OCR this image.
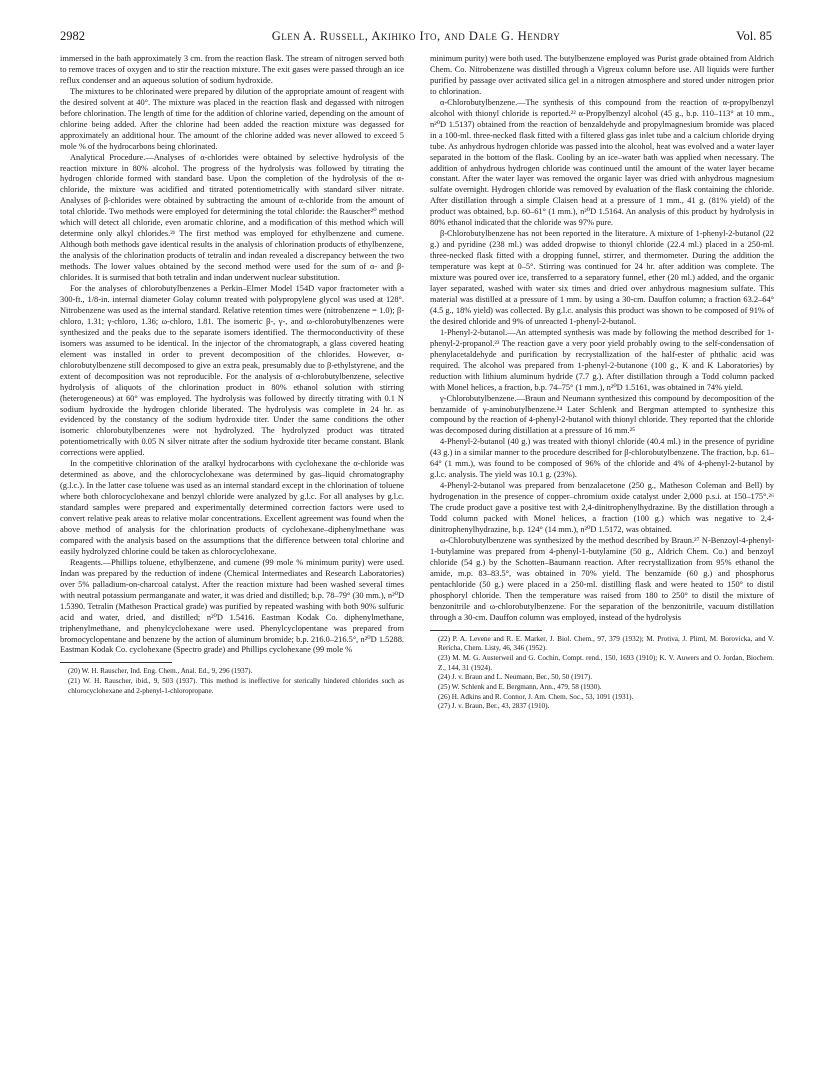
2982	Glen A. Russell, Akihiko Ito, and Dale G. Hendry	Vol. 85

immersed in the bath approximately 3 cm. from the reaction flask. The stream of nitrogen served both to remove traces of oxygen and to stir the reaction mixture. The exit gases were passed through an ice reflux condenser and an aqueous solution of sodium hydroxide.

The mixtures to be chlorinated were prepared by dilution of the appropriate amount of reagent with the desired solvent at 40°. The mixture was placed in the reaction flask and degassed with nitrogen before chlorination. The length of time for the addition of chlorine varied, depending on the amount of chlorine being added. After the chlorine had been added the reaction mixture was degassed for approximately an additional hour. The amount of the chlorine added was never allowed to exceed 5 mole % of the hydrocarbons being chlorinated.

Analytical Procedure.—Analyses of α-chlorides were obtained by selective hydrolysis of the reaction mixture in 80% alcohol. The progress of the hydrolysis was followed by titrating the hydrogen chloride formed with standard base. Upon the completion of the hydrolysis of the α-chloride, the mixture was acidified and titrated potentiometrically with standard silver nitrate. Analyses of β-chlorides were obtained by subtracting the amount of α-chloride from the amount of total chloride. Two methods were employed for determining the total chloride: the Rauscher²⁰ method which will detect all chloride, even aromatic chlorine, and a modification of this method which will determine only alkyl chlorides.²¹ The first method was employed for ethylbenzene and cumene. Although both methods gave identical results in the analysis of chlorination products of ethylbenzene, the analysis of the chlorination products of tetralin and indan revealed a discrepancy between the two methods. The lower values obtained by the second method were used for the sum of α- and β-chlorides. It is surmised that both tetralin and indan underwent nuclear substitution.

For the analyses of chlorobutylbenzenes a Perkin–Elmer Model 154D vapor fractometer with a 300-ft., 1/8-in. internal diameter Golay column treated with polypropylene glycol was used at 128°. Nitrobenzene was used as the internal standard. Relative retention times were (nitrobenzene = 1.0); β-chloro, 1.31; γ-chloro, 1.36; ω-chloro, 1.81. The isomeric β-, γ-, and ω-chlorobutylbenzenes were synthesized and the peaks due to the separate isomers identified. The thermoconductivity of these isomers was assumed to be identical. In the injector of the chromatograph, a glass covered heating element was installed in order to prevent decomposition of the chlorides. However, α-chlorobutylbenzene still decomposed to give an extra peak, presumably due to β-ethylstyrene, and the extent of decomposition was not reproducible. For the analysis of α-chlorobutylbenzene, selective hydrolysis of aliquots of the chlorination product in 80% ethanol solution with stirring (heterogeneous) at 60° was employed. The hydrolysis was followed by directly titrating with 0.1 N sodium hydroxide the hydrogen chloride liberated. The hydrolysis was complete in 24 hr. as evidenced by the constancy of the sodium hydroxide titer. Under the same conditions the other isomeric chlorobutylbenzenes were not hydrolyzed. The hydrolyzed product was titrated potentiometrically with 0.05 N silver nitrate after the sodium hydroxide titer became constant. Blank corrections were applied.

In the competitive chlorination of the aralkyl hydrocarbons with cyclohexane the α-chloride was determined as above, and the chlorocyclohexane was determined by gas–liquid chromatography (g.l.c.). In the latter case toluene was used as an internal standard except in the chlorination of toluene where both chlorocyclohexane and benzyl chloride were analyzed by g.l.c. For all analyses by g.l.c. standard samples were prepared and experimentally determined correction factors were used to convert relative peak areas to relative molar concentrations. Excellent agreement was found when the above method of analysis for the chlorination products of cyclohexane–diphenylmethane was compared with the analysis based on the assumptions that the difference between total chlorine and easily hydrolyzed chlorine could be taken as chlorocyclohexane.

Reagents.—Phillips toluene, ethylbenzene, and cumene (99 mole % minimum purity) were used. Indan was prepared by the reduction of indene (Chemical Intermediates and Research Laboratories) over 5% palladium-on-charcoal catalyst. After the reaction mixture had been washed several times with neutral potassium permanganate and water, it was dried and distilled; b.p. 78–79° (30 mm.), n²⁰D 1.5390. Tetralin (Matheson Practical grade) was purified by repeated washing with both 90% sulfuric acid and water, dried, and distilled; n²⁰D 1.5416. Eastman Kodak Co. diphenylmethane, triphenylmethane, and phenylcyclohexane were used. Phenylcyclopentane was prepared from bromocyclopentane and benzene by the action of aluminum bromide; b.p. 216.0–216.5°, n²⁰D 1.5288. Eastman Kodak Co. cyclohexane (Spectro grade) and Phillips cyclohexane (99 mole %

(20) W. H. Rauscher, Ind. Eng. Chem., Anal. Ed., 9, 296 (1937).

(21) W. H. Rauscher, ibid., 9, 503 (1937). This method is ineffective for sterically hindered chlorides such as chlorocyclohexane and 2-phenyl-1-chloropropane.

minimum purity) were both used. The butylbenzene employed was Purist grade obtained from Aldrich Chem. Co. Nitrobenzene was distilled through a Vigreux column before use. All liquids were further purified by passage over activated silica gel in a nitrogen atmosphere and stored under nitrogen prior to chlorination.

α-Chlorobutylbenzene.—The synthesis of this compound from the reaction of α-propylbenzyl alcohol with thionyl chloride is reported.²² α-Propylbenzyl alcohol (45 g., b.p. 110–113° at 10 mm., n²⁰D 1.5137) obtained from the reaction of benzaldehyde and propylmagnesium bromide was placed in a 100-ml. three-necked flask fitted with a filtered glass gas inlet tube and a calcium chloride drying tube. As anhydrous hydrogen chloride was passed into the alcohol, heat was evolved and a water layer separated in the bottom of the flask. Cooling by an ice–water bath was applied when necessary. The addition of anhydrous hydrogen chloride was continued until the amount of the water layer became constant. After the water layer was removed the organic layer was dried with anhydrous magnesium sulfate overnight. Hydrogen chloride was removed by evaluation of the flask containing the chloride. After distillation through a simple Claisen head at a pressure of 1 mm., 41 g. (81% yield) of the product was obtained, b.p. 60–61° (1 mm.), n²⁰D 1.5164. An analysis of this product by hydrolysis in 80% ethanol indicated that the chloride was 97% pure.

β-Chlorobutylbenzene has not been reported in the literature. A mixture of 1-phenyl-2-butanol (22 g.) and pyridine (238 ml.) was added dropwise to thionyl chloride (22.4 ml.) placed in a 250-ml. three-necked flask fitted with a dropping funnel, stirrer, and thermometer. During the addition the temperature was kept at 0–5°. Stirring was continued for 24 hr. after addition was complete. The mixture was poured over ice, transferred to a separatory funnel, ether (20 ml.) added, and the organic layer separated, washed with water six times and dried over anhydrous magnesium sulfate. This material was distilled at a pressure of 1 mm. by using a 30-cm. Dauffon column; a fraction 63.2–64° (4.5 g., 18% yield) was collected. By g.l.c. analysis this product was shown to be composed of 91% of the desired chloride and 9% of unreacted 1-phenyl-2-butanol.

1-Phenyl-2-butanol.—An attempted synthesis was made by following the method described for 1-phenyl-2-propanol.²³ The reaction gave a very poor yield probably owing to the self-condensation of phenylacetaldehyde and purification by recrystallization of the half-ester of phthalic acid was required. The alcohol was prepared from 1-phenyl-2-butanone (100 g., K and K Laboratories) by reduction with lithium aluminum hydride (7.7 g.). After distillation through a Todd column packed with Monel helices, a fraction, b.p. 74–75° (1 mm.), n²⁰D 1.5161, was obtained in 74% yield.

γ-Chlorobutylbenzene.—Braun and Neumann synthesized this compound by decomposition of the benzamide of γ-aminobutylbenzene.²⁴ Later Schlenk and Bergman attempted to synthesize this compound by the reaction of 4-phenyl-2-butanol with thionyl chloride. They reported that the chloride was decomposed during distillation at a pressure of 16 mm.²⁵

4-Phenyl-2-butanol (40 g.) was treated with thionyl chloride (40.4 ml.) in the presence of pyridine (43 g.) in a similar manner to the procedure described for β-chlorobutylbenzene. The fraction, b.p. 61–64° (1 mm.), was found to be composed of 96% of the chloride and 4% of 4-phenyl-2-butanol by g.l.c. analysis. The yield was 10.1 g. (23%).

4-Phenyl-2-butanol was prepared from benzalacetone (250 g., Matheson Coleman and Bell) by hydrogenation in the presence of copper–chromium oxide catalyst under 2,000 p.s.i. at 150–175°.²⁶ The crude product gave a positive test with 2,4-dinitrophenylhydrazine. By the distillation through a Todd column packed with Monel helices, a fraction (100 g.) which was negative to 2,4-dinitrophenylhydrazine, b.p. 124° (14 mm.), n²⁰D 1.5172, was obtained.

ω-Chlorobutylbenzene was synthesized by the method described by Braun.²⁷ N-Benzoyl-4-phenyl-1-butylamine was prepared from 4-phenyl-1-butylamine (50 g., Aldrich Chem. Co.) and benzoyl chloride (54 g.) by the Schotten–Baumann reaction. After recrystallization from 95% ethanol the amide, m.p. 83–83.5°, was obtained in 70% yield. The benzamide (60 g.) and phosphorus pentachloride (50 g.) were placed in a 250-ml. distilling flask and were heated to 150° to distil phosphoryl chloride. Then the temperature was raised from 180 to 250° to distil the mixture of benzonitrile and ω-chlorobutylbenzene. For the separation of the benzonitrile, vacuum distillation through a 30-cm. Dauffon column was employed, instead of the hydrolysis

(22) P. A. Levene and R. E. Marker, J. Biol. Chem., 97, 379 (1932); M. Protiva, J. Pliml, M. Borovicka, and V. Rericha, Chem. Listy, 46, 346 (1952).

(23) M. M. G. Austerweil and G. Cochin, Compt. rend., 150, 1693 (1910); K. V. Auwers and O. Jordan, Biochem. Z., 144, 31 (1924).

(24) J. v. Braun and L. Neumann, Ber., 50, 50 (1917).

(25) W. Schlenk and E. Bergmann, Ann., 479, 58 (1930).

(26) H. Adkins and R. Connor, J. Am. Chem. Soc., 53, 1091 (1931).

(27) J. v. Braun, Ber., 43, 2837 (1910).
